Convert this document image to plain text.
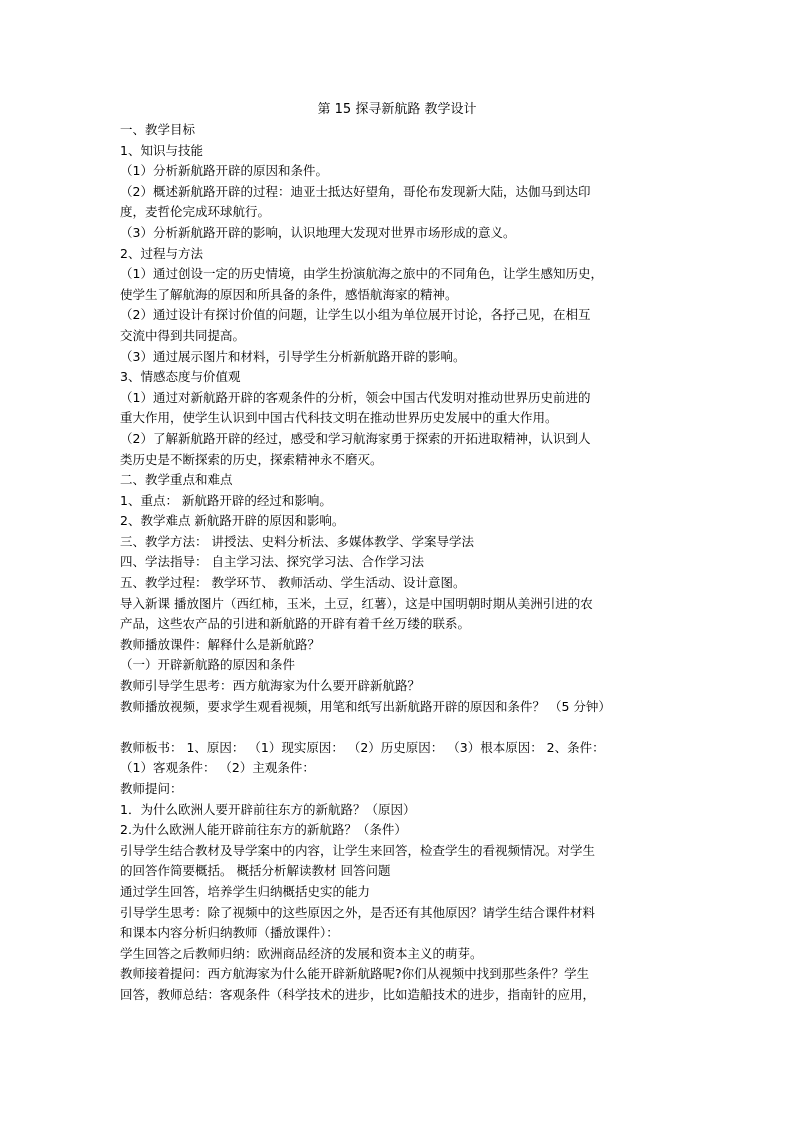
第 15 探寻新航路 教学设计
一、教学目标
1、知识与技能
（1）分析新航路开辟的原因和条件。
（2）概述新航路开辟的过程：迪亚士抵达好望角，哥伦布发现新大陆，达伽马到达印
度，麦哲伦完成环球航行。
（3）分析新航路开辟的影响，认识地理大发现对世界市场形成的意义。
2、过程与方法
（1）通过创设一定的历史情境，由学生扮演航海之旅中的不同角色，让学生感知历史，
使学生了解航海的原因和所具备的条件，感悟航海家的精神。
（2）通过设计有探讨价值的问题，让学生以小组为单位展开讨论，各抒己见，在相互
交流中得到共同提高。
（3）通过展示图片和材料，引导学生分析新航路开辟的影响。
3、情感态度与价值观
（1）通过对新航路开辟的客观条件的分析，领会中国古代发明对推动世界历史前进的
重大作用，使学生认识到中国古代科技文明在推动世界历史发展中的重大作用。
（2）了解新航路开辟的经过，感受和学习航海家勇于探索的开拓进取精神，认识到人
类历史是不断探索的历史，探索精神永不磨灭。
二、教学重点和难点
1、重点： 新航路开辟的经过和影响。
2、教学难点 新航路开辟的原因和影响。
三、教学方法： 讲授法、史料分析法、多媒体教学、学案导学法
四、学法指导： 自主学习法、探究学习法、合作学习法
五、教学过程： 教学环节、 教师活动、学生活动、设计意图。
导入新课 播放图片（西红柿，玉米，土豆，红薯），这是中国明朝时期从美洲引进的农
产品，这些农产品的引进和新航路的开辟有着千丝万缕的联系。
教师播放课件：解释什么是新航路？
（一）开辟新航路的原因和条件
教师引导学生思考：西方航海家为什么要开辟新航路？
教师播放视频，要求学生观看视频，用笔和纸写出新航路开辟的原因和条件？ （5 分钟）
教师板书： 1、原因： （1）现实原因： （2）历史原因： （3）根本原因： 2、条件：
（1）客观条件： （2）主观条件：
教师提问：
1．为什么欧洲人要开辟前往东方的新航路？（原因）
2.为什么欧洲人能开辟前往东方的新航路？（条件）
引导学生结合教材及导学案中的内容，让学生来回答，检查学生的看视频情况。对学生
的回答作简要概括。 概括分析解读教材 回答问题
通过学生回答，培养学生归纳概括史实的能力
引导学生思考：除了视频中的这些原因之外，是否还有其他原因？请学生结合课件材料
和课本内容分析归纳教师（播放课件）：
学生回答之后教师归纳：欧洲商品经济的发展和资本主义的萌芽。
教师接着提问：西方航海家为什么能开辟新航路呢?你们从视频中找到那些条件？学生
回答，教师总结：客观条件（科学技术的进步，比如造船技术的进步，指南针的应用，
